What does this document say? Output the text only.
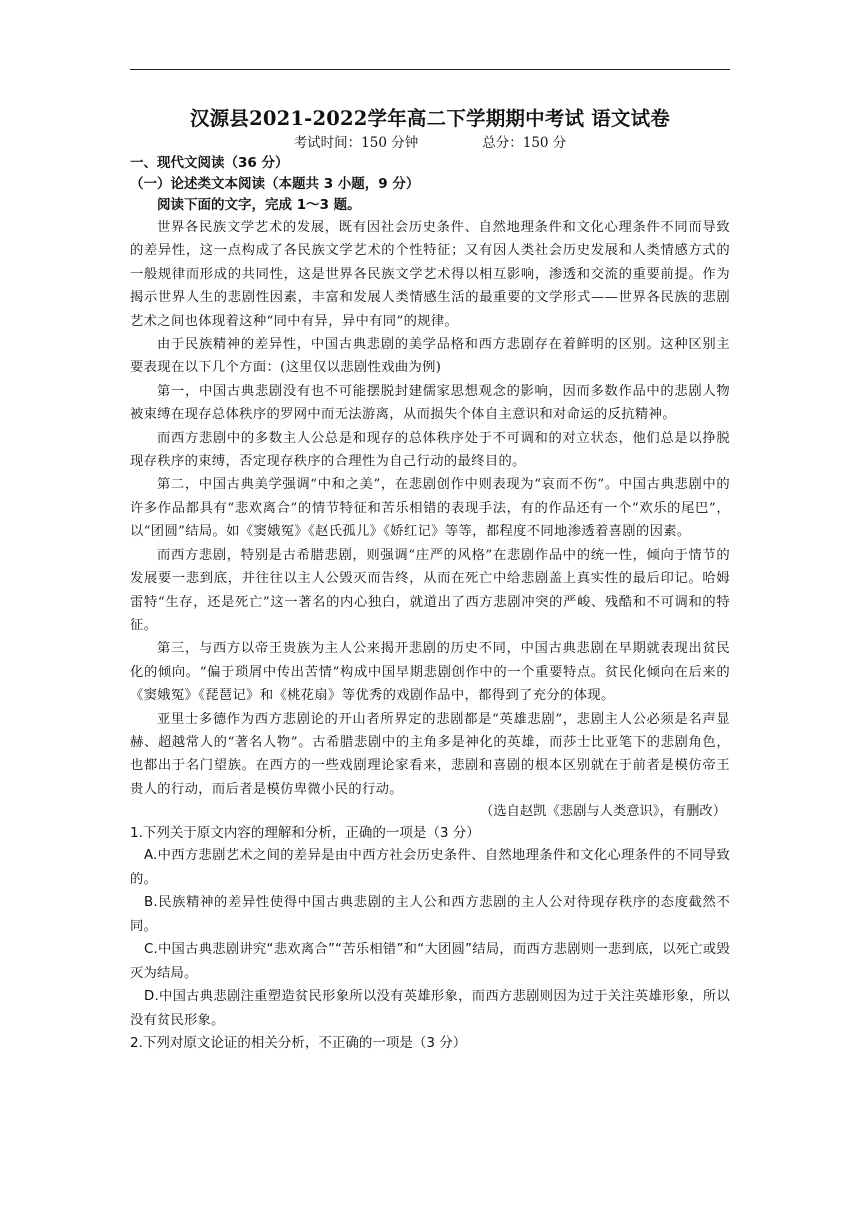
汉源县2021-2022学年高二下学期期中考试 语文试卷
考试时间：150 分钟	总分：150 分
一、现代文阅读（36 分）
（一）论述类文本阅读（本题共 3 小题，9 分）
阅读下面的文字，完成 1～3 题。

世界各民族文学艺术的发展，既有因社会历史条件、自然地理条件和文化心理条件不同而导致的差异性，这一点构成了各民族文学艺术的个性特征；又有因人类社会历史发展和人类情感方式的一般规律而形成的共同性，这是世界各民族文学艺术得以相互影响，渗透和交流的重要前提。作为揭示世界人生的悲剧性因素，丰富和发展人类情感生活的最重要的文学形式——世界各民族的悲剧艺术之间也体现着这种“同中有异，异中有同”的规律。

由于民族精神的差异性，中国古典悲剧的美学品格和西方悲剧存在着鲜明的区别。这种区别主要表现在以下几个方面：(这里仅以悲剧性戏曲为例)

第一，中国古典悲剧没有也不可能摆脱封建儒家思想观念的影响，因而多数作品中的悲剧人物被束缚在现存总体秩序的罗网中而无法游离，从而损失个体自主意识和对命运的反抗精神。

而西方悲剧中的多数主人公总是和现存的总体秩序处于不可调和的对立状态，他们总是以挣脱现存秩序的束缚，否定现存秩序的合理性为自己行动的最终目的。

第二，中国古典美学强调“中和之美”，在悲剧创作中则表现为“哀而不伤”。中国古典悲剧中的许多作品都具有“悲欢离合”的情节特征和苦乐相错的表现手法，有的作品还有一个“欢乐的尾巴”，以“团圆”结局。如《窦娥冤》《赵氏孤儿》《娇红记》等等，都程度不同地渗透着喜剧的因素。

而西方悲剧，特别是古希腊悲剧，则强调“庄严的风格”在悲剧作品中的统一性，倾向于情节的发展要一悲到底，并往往以主人公毁灭而告终，从而在死亡中给悲剧盖上真实性的最后印记。哈姆雷特“生存，还是死亡”这一著名的内心独白，就道出了西方悲剧冲突的严峻、残酷和不可调和的特征。

第三，与西方以帝王贵族为主人公来揭开悲剧的历史不同，中国古典悲剧在早期就表现出贫民化的倾向。“偏于琐屑中传出苦情”构成中国早期悲剧创作中的一个重要特点。贫民化倾向在后来的《窦娥冤》《琵琶记》和《桃花扇》等优秀的戏剧作品中，都得到了充分的体现。

亚里士多德作为西方悲剧论的开山者所界定的悲剧都是“英雄悲剧”，悲剧主人公必须是名声显赫、超越常人的“著名人物”。古希腊悲剧中的主角多是神化的英雄，而莎士比亚笔下的悲剧角色，也都出于名门望族。在西方的一些戏剧理论家看来，悲剧和喜剧的根本区别就在于前者是模仿帝王贵人的行动，而后者是模仿卑微小民的行动。

（选自赵凯《悲剧与人类意识》，有删改）

1.下列关于原文内容的理解和分析，正确的一项是（3 分）

A.中西方悲剧艺术之间的差异是由中西方社会历史条件、自然地理条件和文化心理条件的不同导致的。

B.民族精神的差异性使得中国古典悲剧的主人公和西方悲剧的主人公对待现存秩序的态度截然不同。

C.中国古典悲剧讲究“悲欢离合”“苦乐相错”和“大团圆”结局，而西方悲剧则一悲到底，以死亡或毁灭为结局。

D.中国古典悲剧注重塑造贫民形象所以没有英雄形象，而西方悲剧则因为过于关注英雄形象，所以没有贫民形象。

2.下列对原文论证的相关分析，不正确的一项是（3 分）
